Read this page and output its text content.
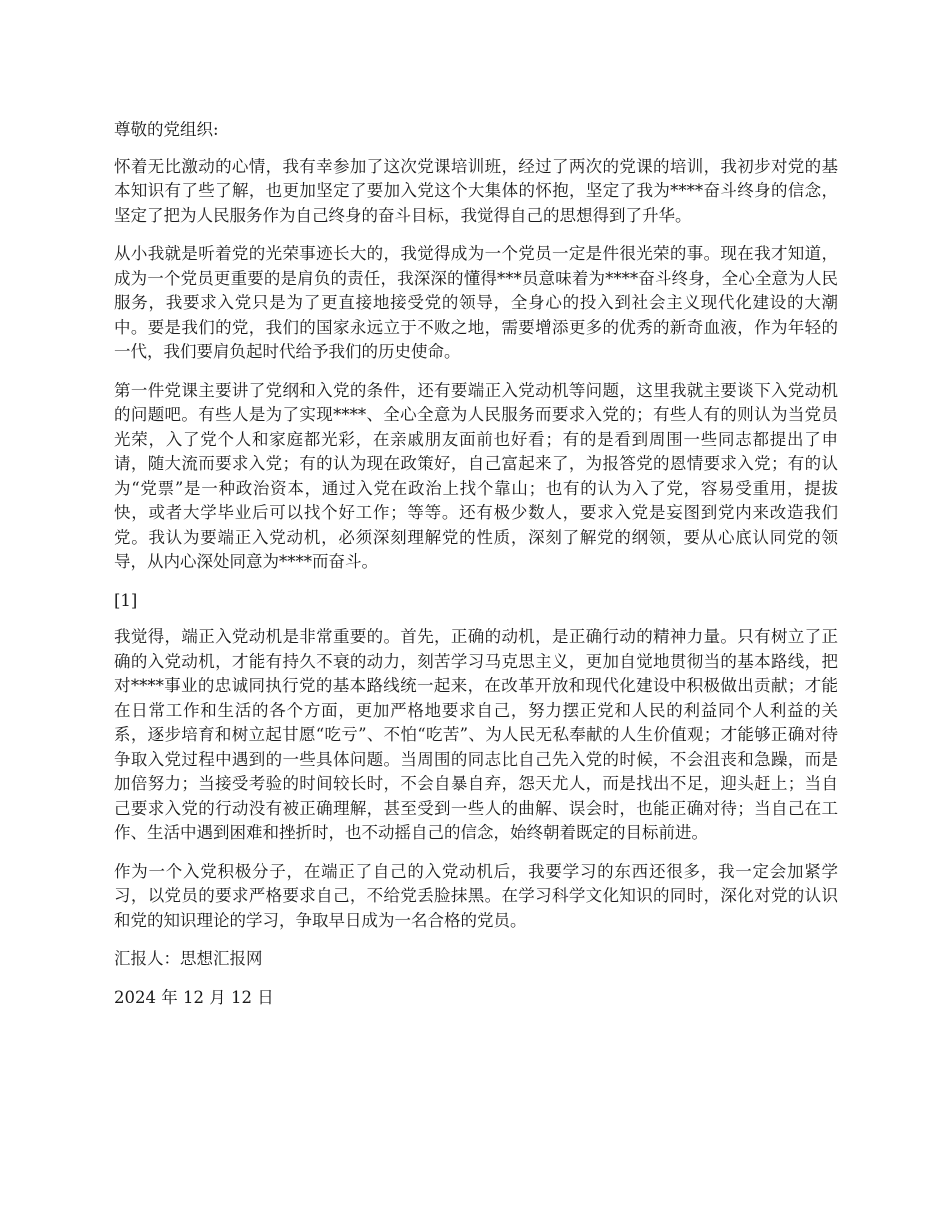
尊敬的党组织:

怀着无比激动的心情，我有幸参加了这次党课培训班，经过了两次的党课的培训，我初步对党的基本知识有了些了解，也更加坚定了要加入党这个大集体的怀抱，坚定了我为****奋斗终身的信念，坚定了把为人民服务作为自己终身的奋斗目标，我觉得自己的思想得到了升华。

从小我就是听着党的光荣事迹长大的，我觉得成为一个党员一定是件很光荣的事。现在我才知道，成为一个党员更重要的是肩负的责任，我深深的懂得***员意味着为****奋斗终身，全心全意为人民服务，我要求入党只是为了更直接地接受党的领导，全身心的投入到社会主义现代化建设的大潮中。要是我们的党，我们的国家永远立于不败之地，需要增添更多的优秀的新奇血液，作为年轻的一代，我们要肩负起时代给予我们的历史使命。

第一件党课主要讲了党纲和入党的条件，还有要端正入党动机等问题，这里我就主要谈下入党动机的问题吧。有些人是为了实现****、全心全意为人民服务而要求入党的；有些人有的则认为当党员光荣，入了党个人和家庭都光彩，在亲戚朋友面前也好看；有的是看到周围一些同志都提出了申请，随大流而要求入党；有的认为现在政策好，自己富起来了，为报答党的恩情要求入党；有的认为“党票”是一种政治资本，通过入党在政治上找个靠山；也有的认为入了党，容易受重用，提拔快，或者大学毕业后可以找个好工作；等等。还有极少数人，要求入党是妄图到党内来改造我们党。我认为要端正入党动机，必须深刻理解党的性质，深刻了解党的纲领，要从心底认同党的领导，从内心深处同意为****而奋斗。

[1]

我觉得，端正入党动机是非常重要的。首先，正确的动机，是正确行动的精神力量。只有树立了正确的入党动机，才能有持久不衰的动力，刻苦学习马克思主义，更加自觉地贯彻当的基本路线，把对****事业的忠诚同执行党的基本路线统一起来，在改革开放和现代化建设中积极做出贡献；才能在日常工作和生活的各个方面，更加严格地要求自己，努力摆正党和人民的利益同个人利益的关系，逐步培育和树立起甘愿“吃亏”、不怕“吃苦”、为人民无私奉献的人生价值观；才能够正确对待争取入党过程中遇到的一些具体问题。当周围的同志比自己先入党的时候，不会沮丧和急躁，而是加倍努力；当接受考验的时间较长时，不会自暴自弃，怨天尤人，而是找出不足，迎头赶上；当自己要求入党的行动没有被正确理解，甚至受到一些人的曲解、误会时，也能正确对待；当自己在工作、生活中遇到困难和挫折时，也不动摇自己的信念，始终朝着既定的目标前进。

作为一个入党积极分子，在端正了自己的入党动机后，我要学习的东西还很多，我一定会加紧学习，以党员的要求严格要求自己，不给党丢脸抹黑。在学习科学文化知识的同时，深化对党的认识和党的知识理论的学习，争取早日成为一名合格的党员。

汇报人：思想汇报网

2024 年 12 月 12 日
